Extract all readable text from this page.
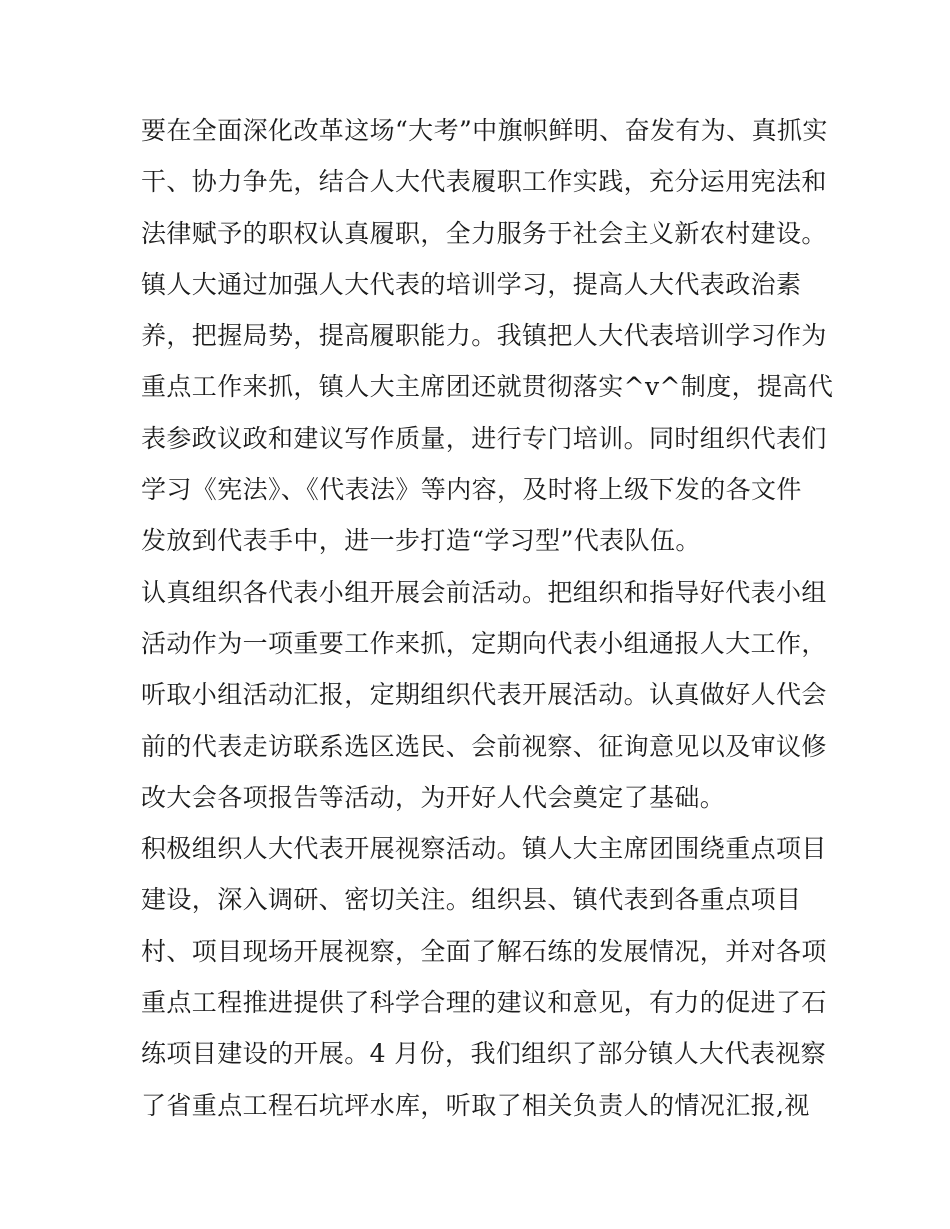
要在全面深化改革这场“大考”中旗帜鲜明、奋发有为、真抓实
干、协力争先，结合人大代表履职工作实践，充分运用宪法和
法律赋予的职权认真履职，全力服务于社会主义新农村建设。
镇人大通过加强人大代表的培训学习，提高人大代表政治素
养，把握局势，提高履职能力。我镇把人大代表培训学习作为
重点工作来抓，镇人大主席团还就贯彻落实^v^制度，提高代
表参政议政和建议写作质量，进行专门培训。同时组织代表们
学习《宪法》、《代表法》等内容，及时将上级下发的各文件
发放到代表手中，进一步打造“学习型”代表队伍。
认真组织各代表小组开展会前活动。把组织和指导好代表小组
活动作为一项重要工作来抓，定期向代表小组通报人大工作，
听取小组活动汇报，定期组织代表开展活动。认真做好人代会
前的代表走访联系选区选民、会前视察、征询意见以及审议修
改大会各项报告等活动，为开好人代会奠定了基础。
积极组织人大代表开展视察活动。镇人大主席团围绕重点项目
建设，深入调研、密切关注。组织县、镇代表到各重点项目
村、项目现场开展视察，全面了解石练的发展情况，并对各项
重点工程推进提供了科学合理的建议和意见，有力的促进了石
练项目建设的开展。4 月份，我们组织了部分镇人大代表视察
了省重点工程石坑坪水库，听取了相关负责人的情况汇报,视
